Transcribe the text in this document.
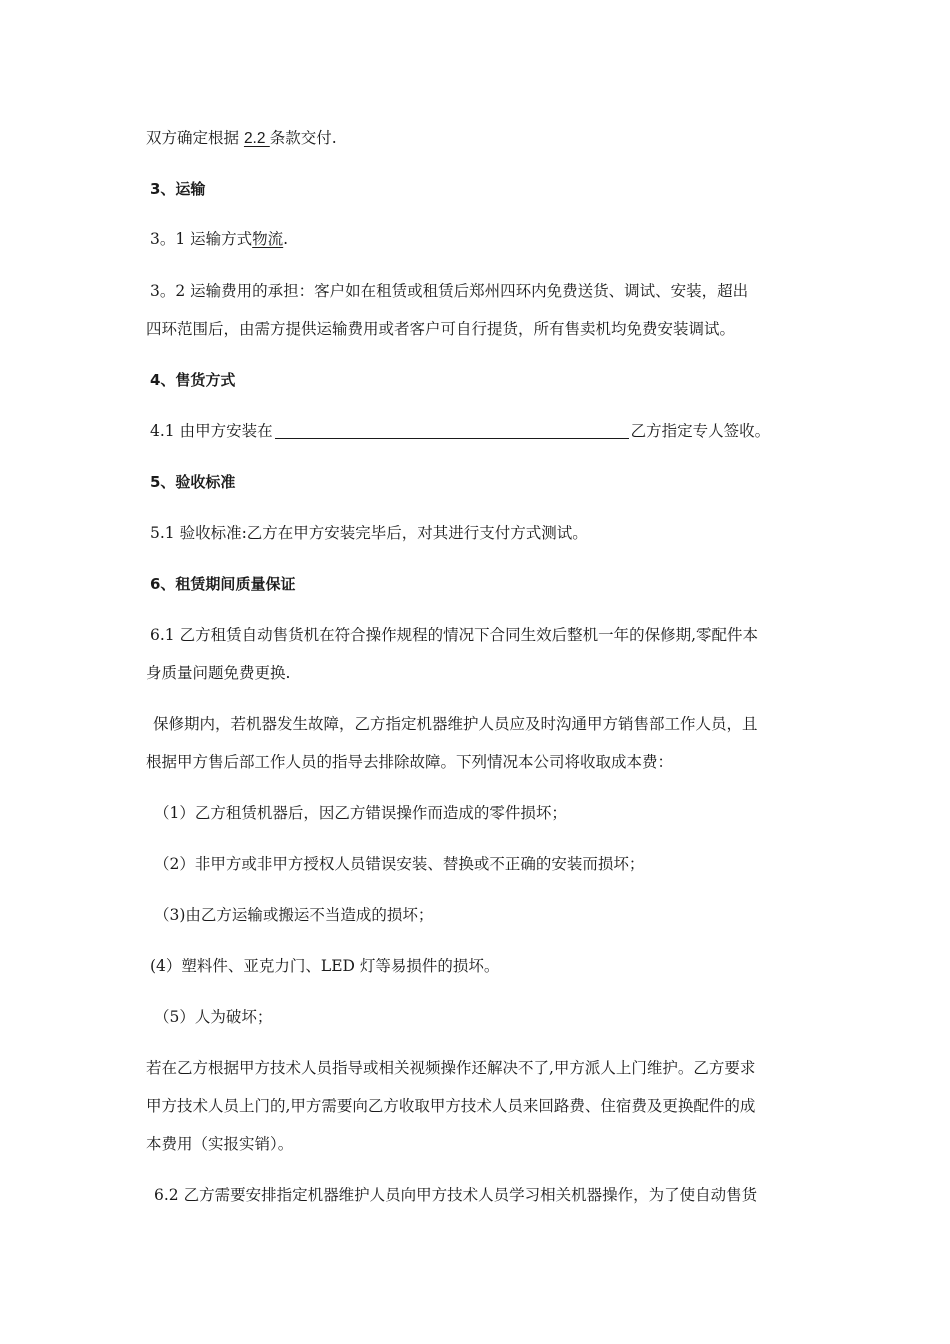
双方确定根据 2.2 条款交付.
3、运输
3。1 运输方式物流.
3。2 运输费用的承担：客户如在租赁或租赁后郑州四环内免费送货、调试、安装，超出
四环范围后，由需方提供运输费用或者客户可自行提货，所有售卖机均免费安装调试。
4、售货方式
4.1 由甲方安装在	乙方指定专人签收。
5、验收标准
5.1 验收标准:乙方在甲方安装完毕后，对其进行支付方式测试。
6、租赁期间质量保证
6.1 乙方租赁自动售货机在符合操作规程的情况下合同生效后整机一年的保修期,零配件本
身质量问题免费更换.
保修期内，若机器发生故障，乙方指定机器维护人员应及时沟通甲方销售部工作人员，且
根据甲方售后部工作人员的指导去排除故障。下列情况本公司将收取成本费：
（1）乙方租赁机器后，因乙方错误操作而造成的零件损坏；
（2）非甲方或非甲方授权人员错误安装、替换或不正确的安装而损坏；
（3)由乙方运输或搬运不当造成的损坏；
(4）塑料件、亚克力门、LED 灯等易损件的损坏。
（5）人为破坏；
若在乙方根据甲方技术人员指导或相关视频操作还解决不了,甲方派人上门维护。乙方要求
甲方技术人员上门的,甲方需要向乙方收取甲方技术人员来回路费、住宿费及更换配件的成
本费用（实报实销）。
6.2 乙方需要安排指定机器维护人员向甲方技术人员学习相关机器操作，为了使自动售货
